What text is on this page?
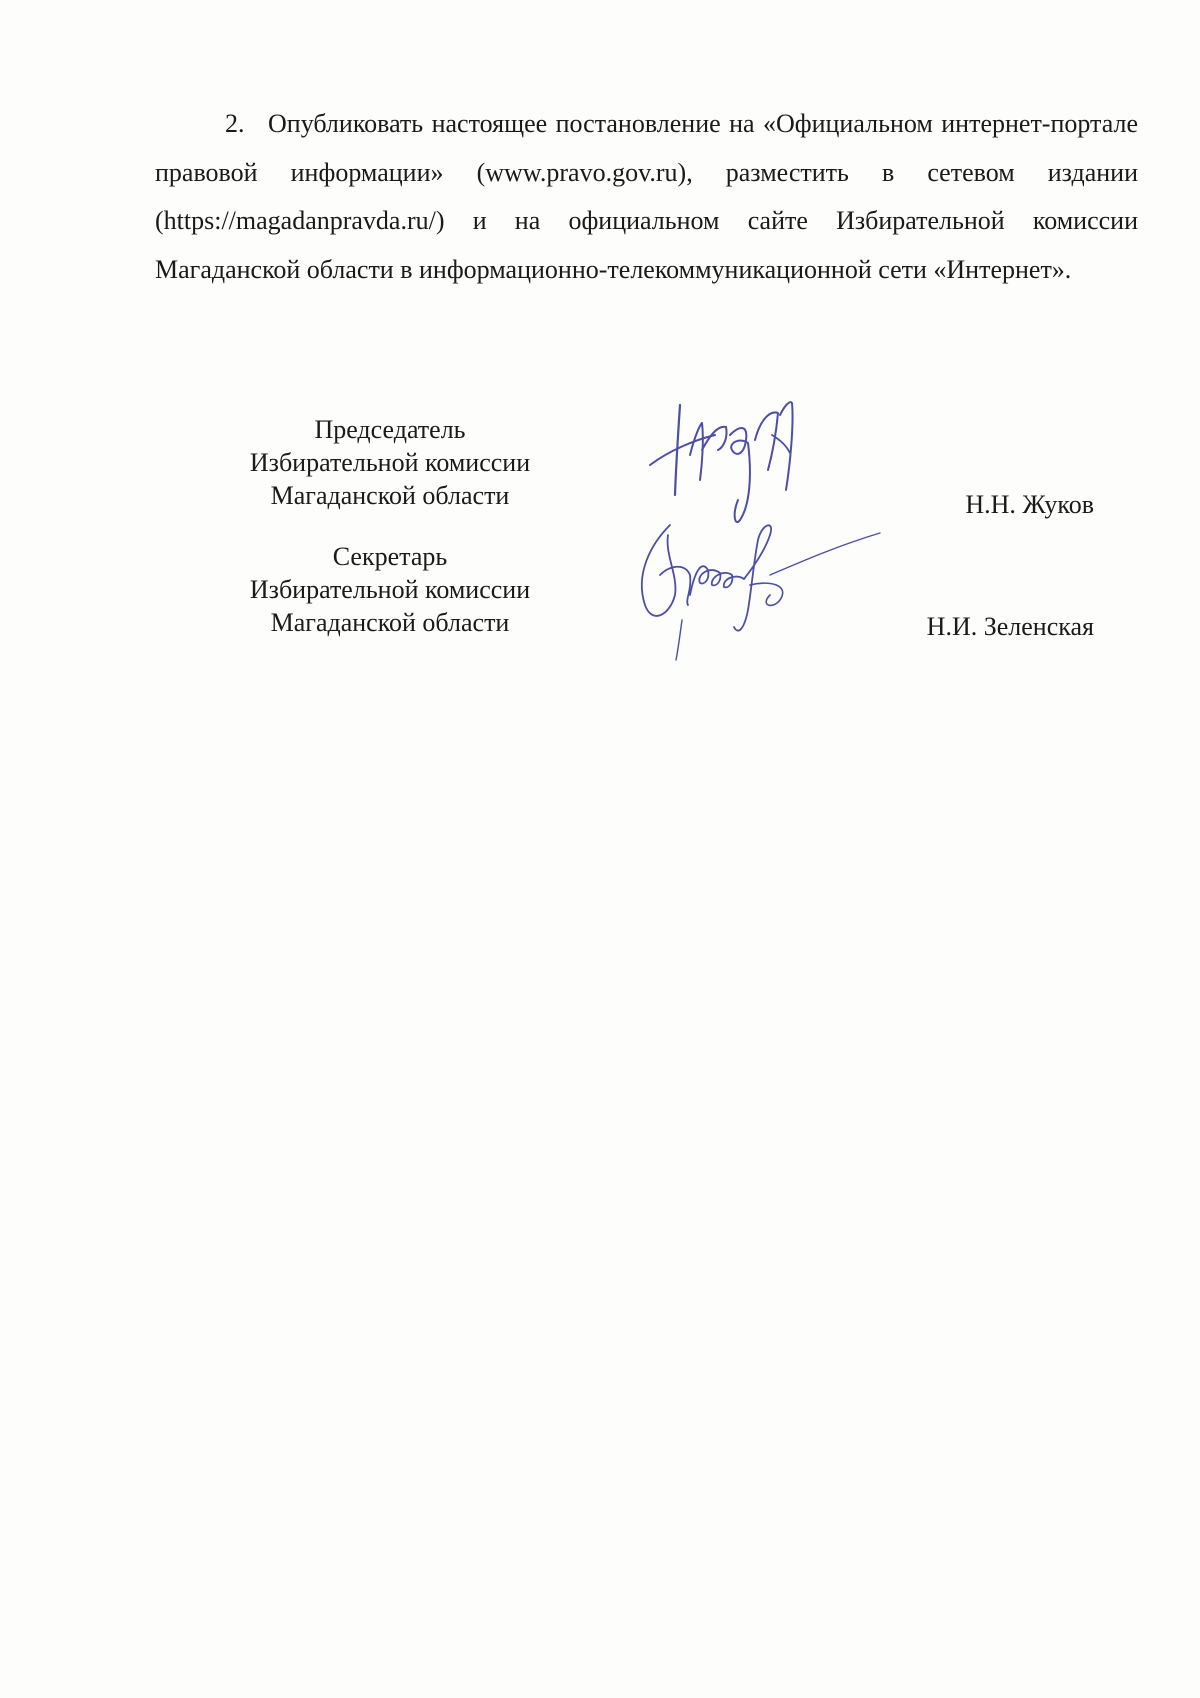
2. Опубликовать настоящее постановление на «Официальном интернет-портале правовой информации» (www.pravo.gov.ru), разместить в сетевом издании (https://magadanpravda.ru/) и на официальном сайте Избирательной комиссии Магаданской области в информационно-телекоммуникационной сети «Интернет».

Председатель
Избирательной комиссии
Магаданской области
Секретарь
Избирательной комиссии
Магаданской области
Н.Н. Жуков
Н.И. Зеленская
